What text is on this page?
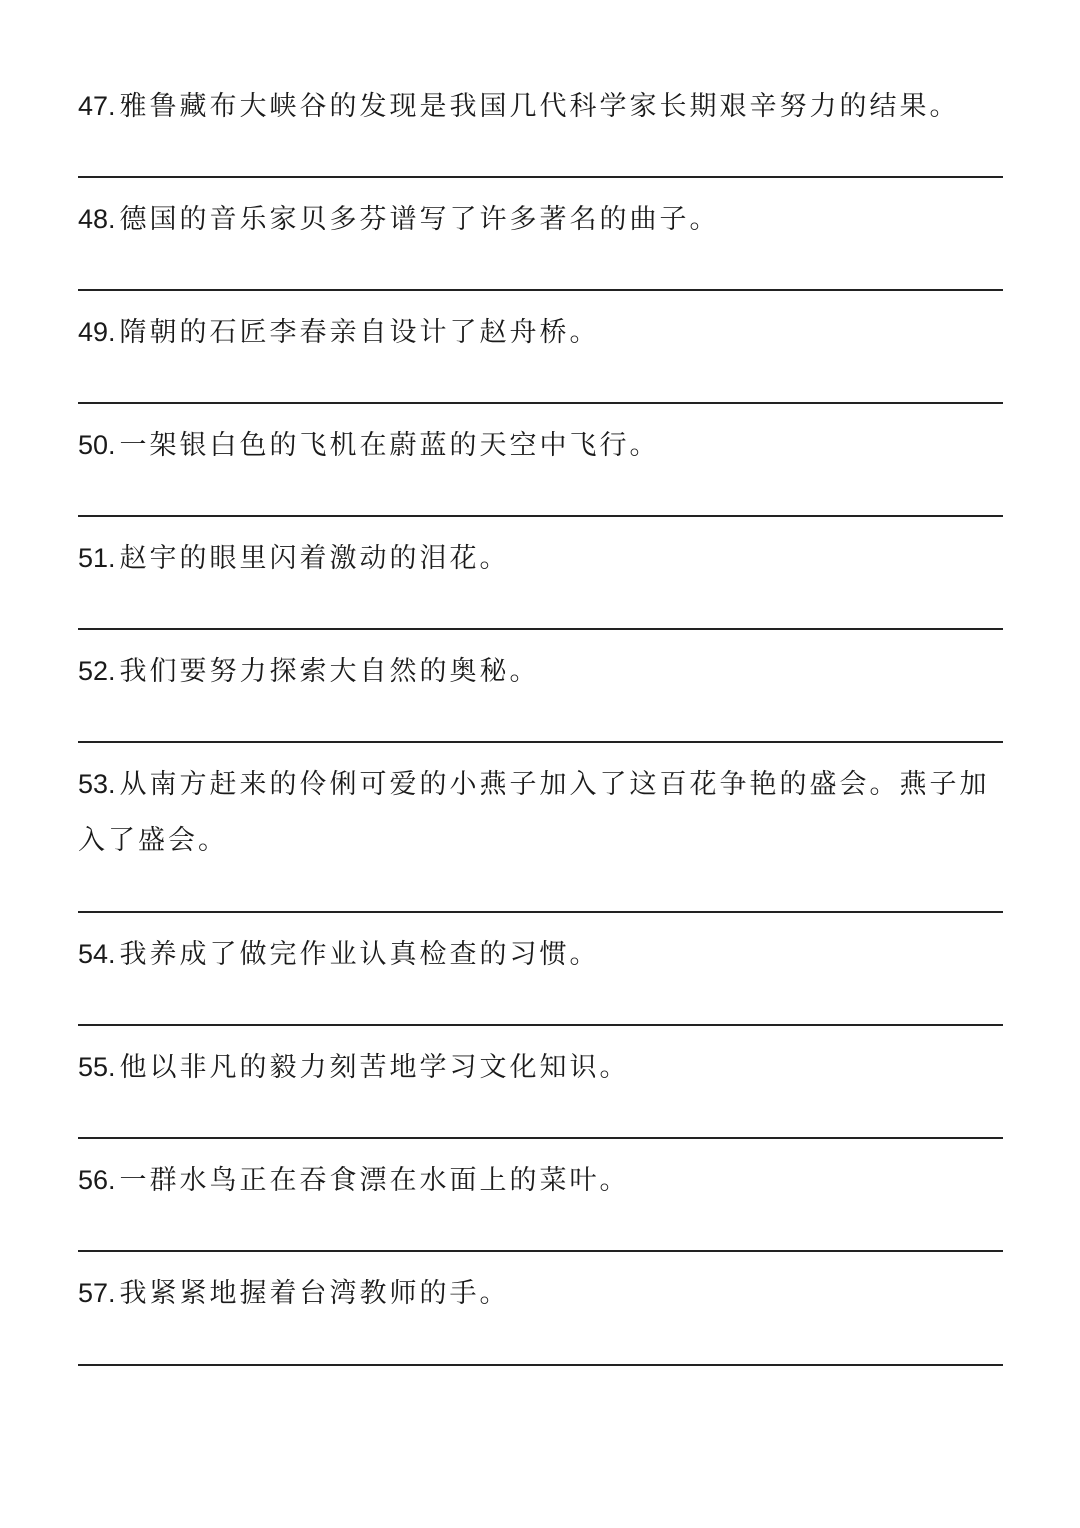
47. 雅鲁藏布大峡谷的发现是我国几代科学家长期艰辛努力的结果。
48. 德国的音乐家贝多芬谱写了许多著名的曲子。
49. 隋朝的石匠李春亲自设计了赵舟桥。
50. 一架银白色的飞机在蔚蓝的天空中飞行。
51. 赵宇的眼里闪着激动的泪花。
52. 我们要努力探索大自然的奥秘。
53. 从南方赶来的伶俐可爱的小燕子加入了这百花争艳的盛会。燕子加入了盛会。
54. 我养成了做完作业认真检查的习惯。
55. 他以非凡的毅力刻苦地学习文化知识。
56. 一群水鸟正在吞食漂在水面上的菜叶。
57. 我紧紧地握着台湾教师的手。
